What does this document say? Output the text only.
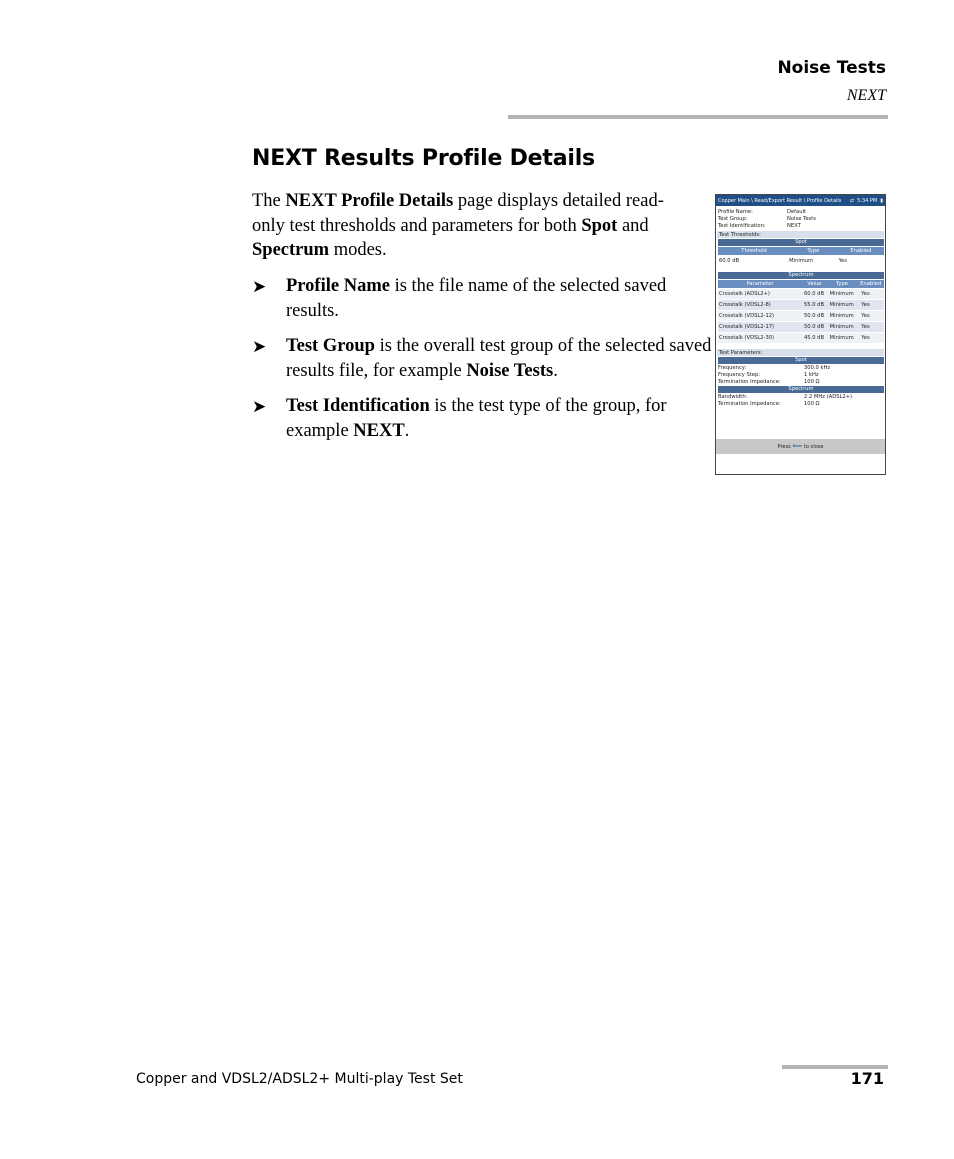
Noise Tests
NEXT
NEXT Results Profile Details

The NEXT Profile Details page displays detailed read-only test thresholds and parameters for both Spot and Spectrum modes.

➤ Profile Name is the file name of the selected saved results.
➤ Test Group is the overall test group of the selected saved results file, for example Noise Tests.
➤ Test Identification is the test type of the group, for example NEXT.
Copper Main \ Read/Export Result \ Profile Details ⇄ 5:34 PM ▮
Profile Name:	Default
Test Group:	Noise Tests
Test Identification:	NEXT
Test Thresholds:
Spot
Threshold	Type	Enabled
60.0 dB	Minimum	Yes
Spectrum
Parameter	Value	Type	Enabled
Crosstalk (ADSL2+)	60.0 dB	Minimum	Yes
Crosstalk (VDSL2-8)	55.0 dB	Minimum	Yes
Crosstalk (VDSL2-12)	50.0 dB	Minimum	Yes
Crosstalk (VDSL2-17)	50.0 dB	Minimum	Yes
Crosstalk (VDSL2-30)	45.0 dB	Minimum	Yes
Test Parameters:
Spot
Frequency:	300.0 kHz
Frequency Step:	1 kHz
Termination Impedance:	100 Ω
Spectrum
Bandwidth:	2.2 MHz (ADSL2+)
Termination Impedance:	100 Ω
Press ⟸ to close
Copper and VDSL2/ADSL2+ Multi-play Test Set	171
